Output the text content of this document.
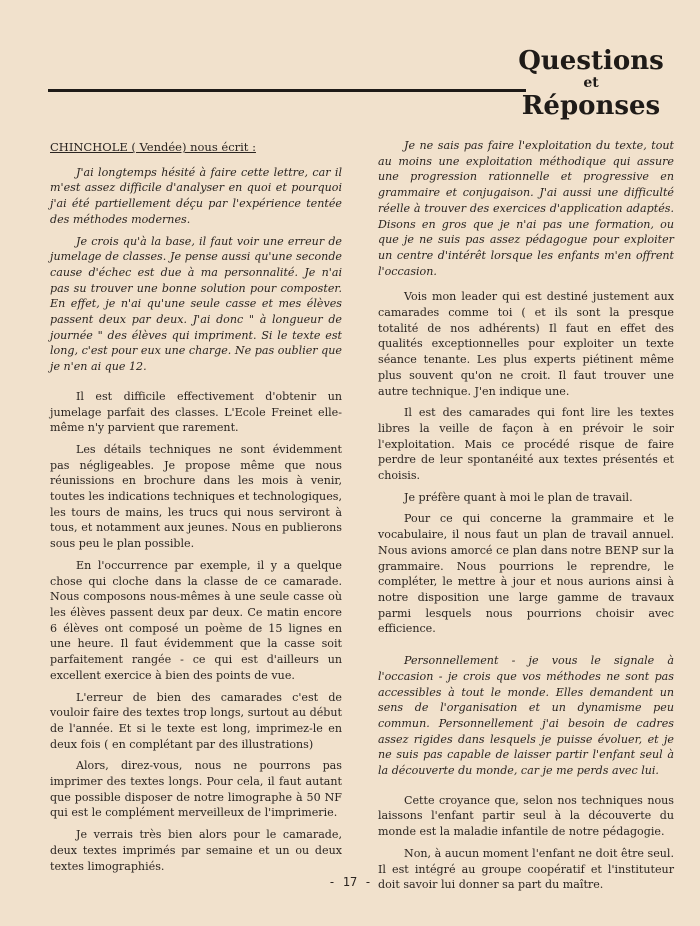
Questions
et
Réponses
CHINCHOLE ( Vendée) nous écrit :

J'ai longtemps hésité à faire cette lettre, car il m'est assez difficile d'analyser en quoi et pourquoi j'ai été partiellement déçu par l'expérience tentée des méthodes modernes.

Je crois qu'à la base, il faut voir une erreur de jumelage de classes. Je pense aussi qu'une seconde cause d'échec est due à ma personnalité. Je n'ai pas su trouver une bonne solution pour composter. En effet, je n'ai qu'une seule casse et mes élèves passent deux par deux. J'ai donc " à longueur de journée " des élèves qui impriment. Si le texte est long, c'est pour eux une charge. Ne pas oublier que je n'en ai que 12.

Il est difficile effectivement d'obtenir un jumelage parfait des classes. L'Ecole Freinet elle-même n'y parvient que rarement.

Les détails techniques ne sont évidemment pas négligeables. Je propose même que nous réunissions en brochure dans les mois à venir, toutes les indications techniques et technologiques, les tours de mains, les trucs qui nous serviront à tous, et notamment aux jeunes. Nous en publierons sous peu le plan possible.

En l'occurrence par exemple, il y a quelque chose qui cloche dans la classe de ce camarade. Nous composons nous-mêmes à une seule casse où les élèves passent deux par deux. Ce matin encore 6 élèves ont composé un poème de 15 lignes en une heure. Il faut évidemment que la casse soit parfaitement rangée - ce qui est d'ailleurs un excellent exercice à bien des points de vue.

L'erreur de bien des camarades c'est de vouloir faire des textes trop longs, surtout au début de l'année. Et si le texte est long, imprimez-le en deux fois ( en complétant par des illustrations)

Alors, direz-vous, nous ne pourrons pas imprimer des textes longs. Pour cela, il faut autant que possible disposer de notre limographe à 50 NF qui est le complément merveilleux de l'imprimerie.

Je verrais très bien alors pour le camarade, deux textes imprimés par semaine et un ou deux textes limographiés.

Je ne sais pas faire l'exploitation du texte, tout au moins une exploitation méthodique qui assure une progression rationnelle et progressive en grammaire et conjugaison. J'ai aussi une difficulté réelle à trouver des exercices d'application adaptés. Disons en gros que je n'ai pas une formation, ou que je ne suis pas assez pédagogue pour exploiter un centre d'intérêt lorsque les enfants m'en offrent l'occasion.

Vois mon leader qui est destiné justement aux camarades comme toi ( et ils sont la presque totalité de nos adhérents) Il faut en effet des qualités exceptionnelles pour exploiter un texte séance tenante. Les plus experts piétinent même plus souvent qu'on ne croit. Il faut trouver une autre technique. J'en indique une.

Il est des camarades qui font lire les textes libres la veille de façon à en prévoir le soir l'exploitation. Mais ce procédé risque de faire perdre de leur spontanéité aux textes présentés et choisis.

Je préfère quant à moi le plan de travail.

Pour ce qui concerne la grammaire et le vocabulaire, il nous faut un plan de travail annuel. Nous avions amorcé ce plan dans notre BENP sur la grammaire. Nous pourrions le reprendre, le compléter, le mettre à jour et nous aurions ainsi à notre disposition une large gamme de travaux parmi lesquels nous pourrions choisir avec efficience.

Personnellement - je vous le signale à l'occasion - je crois que vos méthodes ne sont pas accessibles à tout le monde. Elles demandent un sens de l'organisation et un dynamisme peu commun. Personnellement j'ai besoin de cadres assez rigides dans lesquels je puisse évoluer, et je ne suis pas capable de laisser partir l'enfant seul à la découverte du monde, car je me perds avec lui.

Cette croyance que, selon nos techniques nous laissons l'enfant partir seul à la découverte du monde est la maladie infantile de notre pédagogie.

Non, à aucun moment l'enfant ne doit être seul. Il est intégré au groupe coopératif et l'instituteur doit savoir lui donner sa part du maître.

- 17 -
